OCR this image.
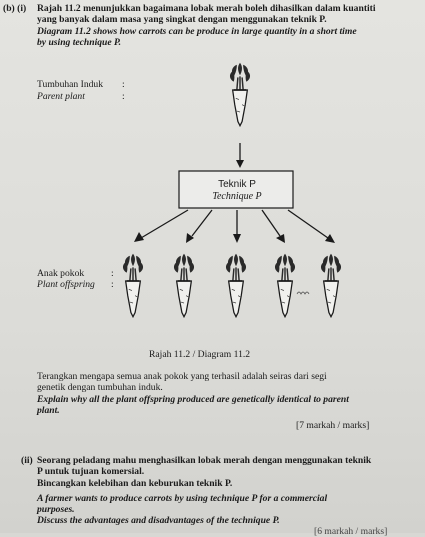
(b) (i) Rajah 11.2 menunjukkan bagaimana lobak merah boleh dihasilkan dalam kuantiti
yang banyak dalam masa yang singkat dengan menggunakan teknik P.
Diagram 11.2 shows how carrots can be produce in large quantity in a short time
by using technique P.
Tumbuhan Induk :
Parent plant	:
Anak pokok	:
Plant offspring :
Teknik P
Technique P
Rajah 11.2 / Diagram 11.2
Terangkan mengapa semua anak pokok yang terhasil adalah seiras dari segi
genetik dengan tumbuhan induk.
Explain why all the plant offspring produced are genetically identical to parent
plant.
[7 markah / marks]
(ii) Seorang peladang mahu menghasilkan lobak merah dengan menggunakan teknik
P untuk tujuan komersial.
Bincangkan kelebihan dan keburukan teknik P.
A farmer wants to produce carrots by using technique P for a commercial
purposes.
Discuss the advantages and disadvantages of the technique P.
[6 markah / marks]
